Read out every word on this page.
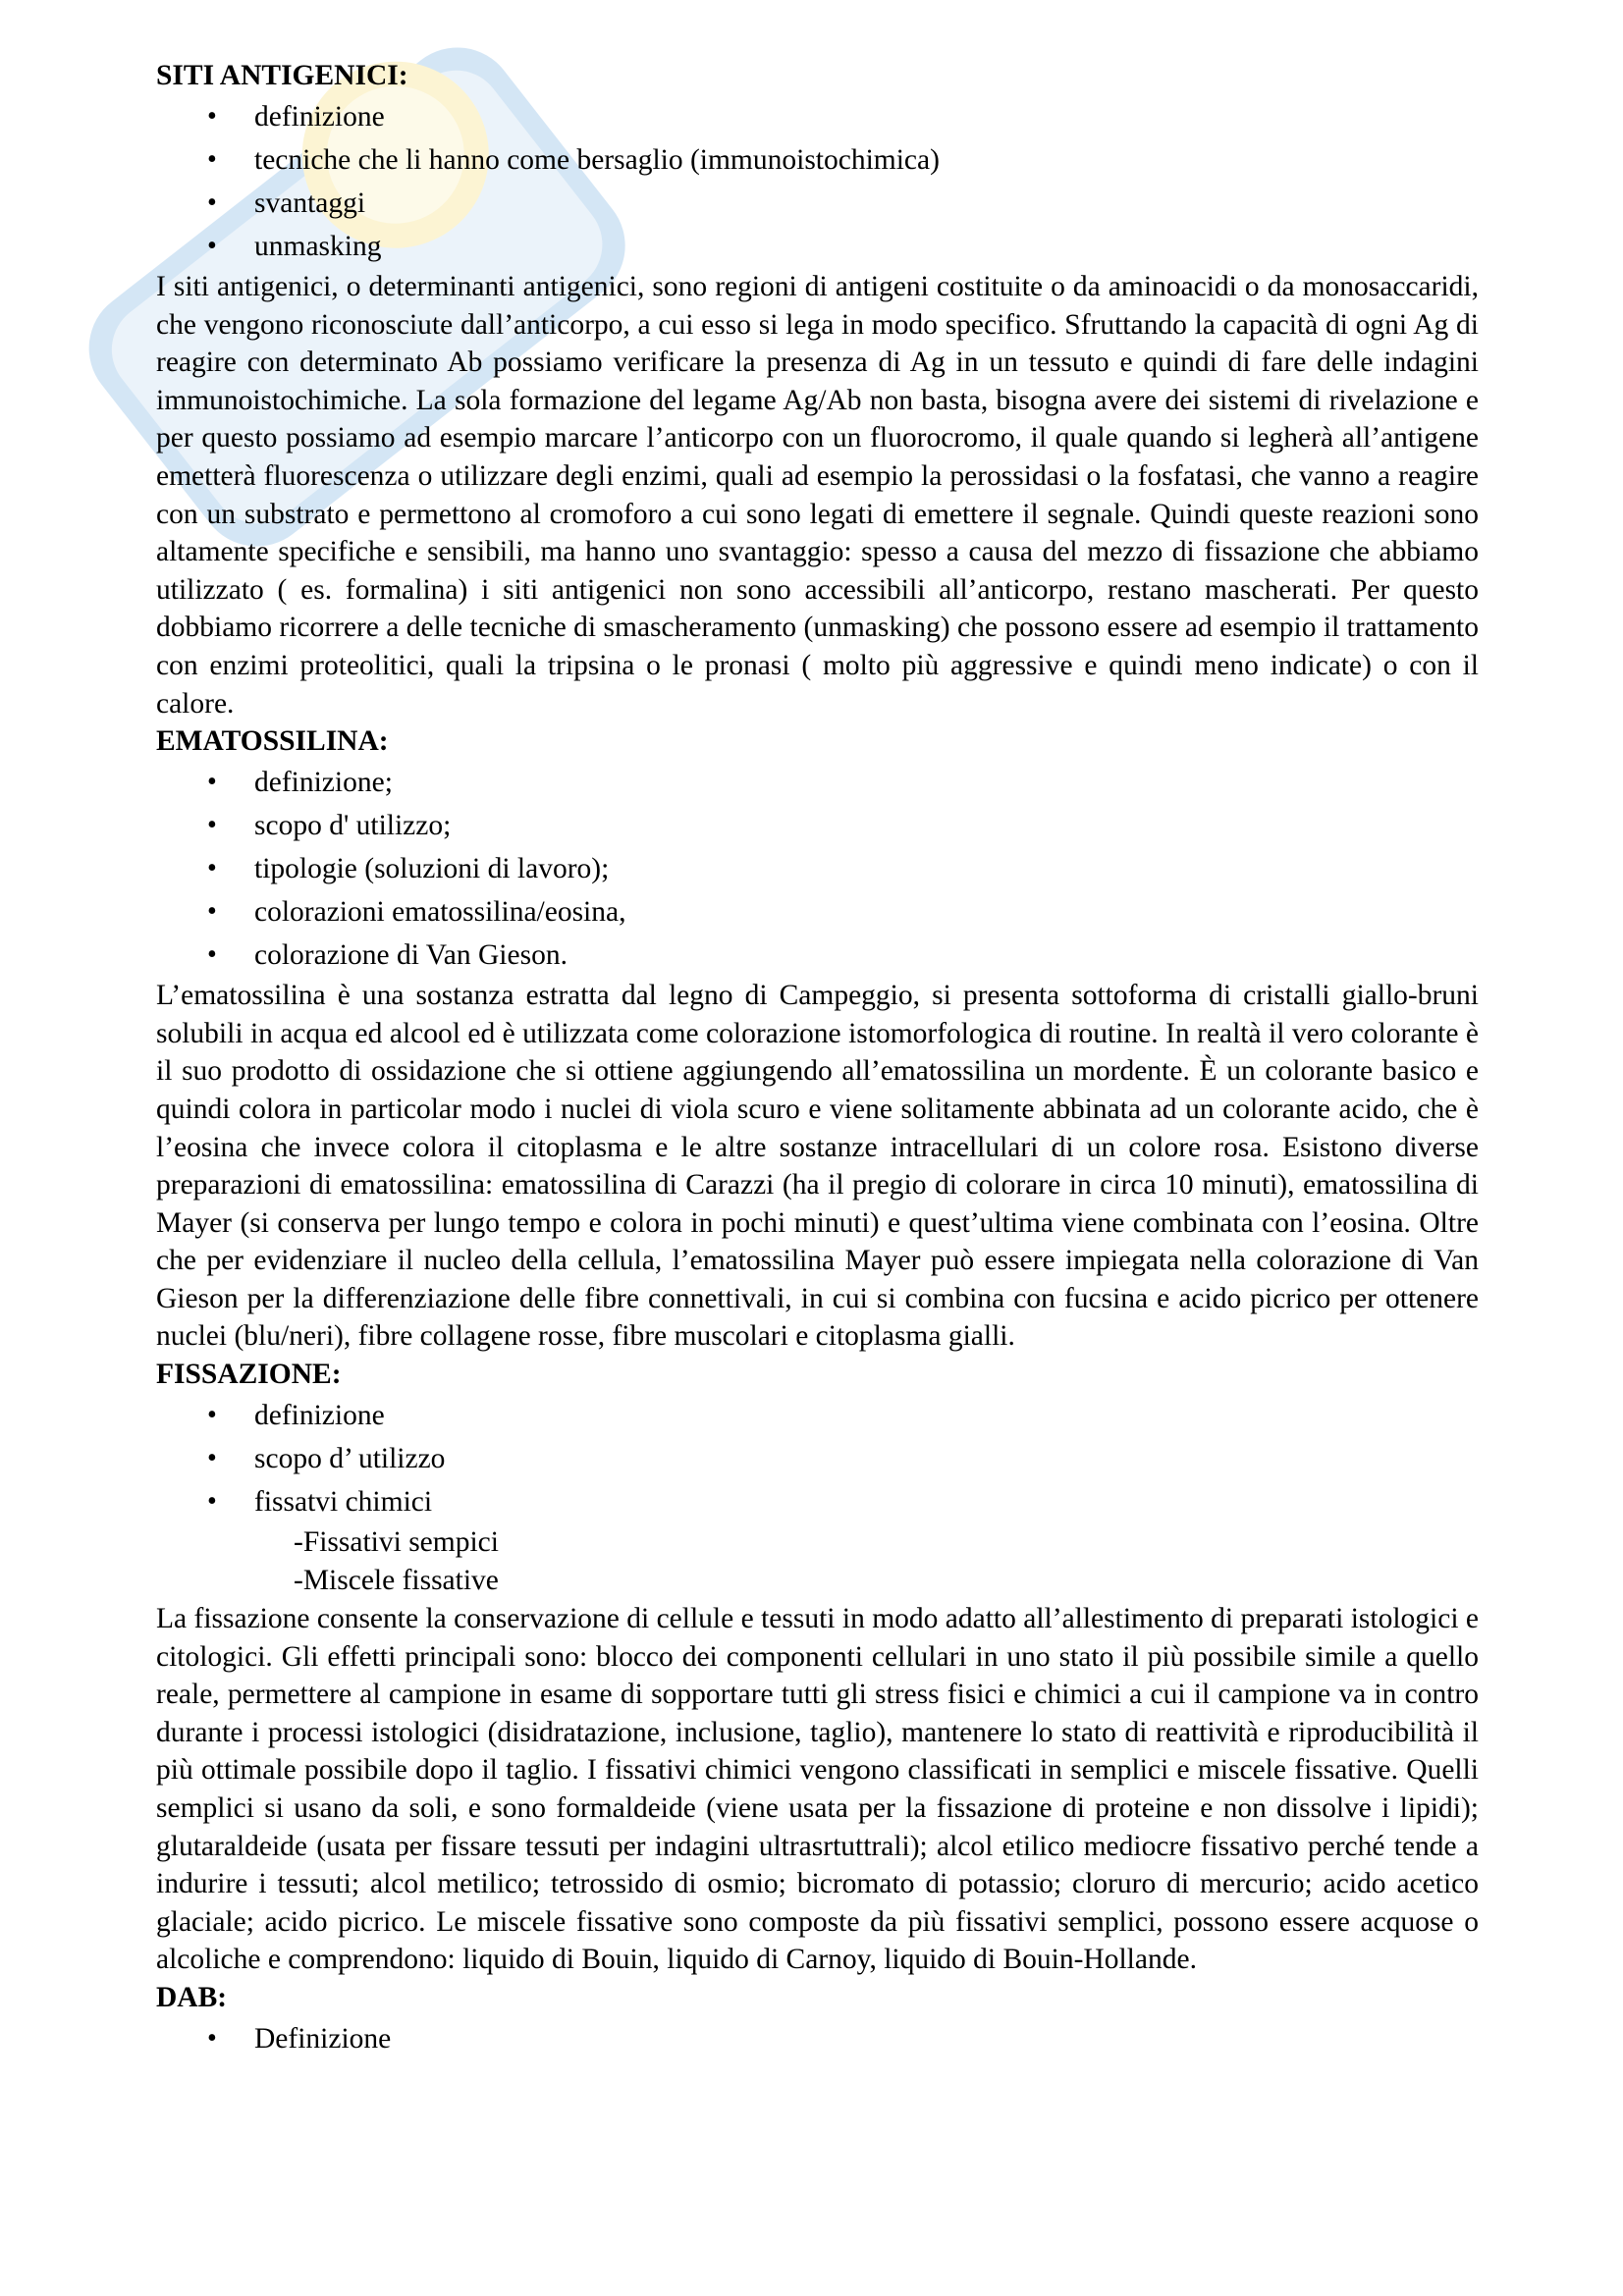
SITI ANTIGENICI:
• definizione
• tecniche che li hanno come bersaglio (immunoistochimica)
• svantaggi
• unmasking

I siti antigenici, o determinanti antigenici, sono regioni di antigeni costituite o da aminoacidi o da monosaccaridi, che vengono riconosciute dall’anticorpo, a cui esso si lega in modo specifico. Sfruttando la capacità di ogni Ag di reagire con determinato Ab possiamo verificare la presenza di Ag in un tessuto e quindi di fare delle indagini immunoistochimiche. La sola formazione del legame Ag/Ab non basta, bisogna avere dei sistemi di rivelazione e per questo possiamo ad esempio marcare l’anticorpo con un fluorocromo, il quale quando si legherà all’antigene emetterà fluorescenza o utilizzare degli enzimi, quali ad esempio la perossidasi o la fosfatasi, che vanno a reagire con un substrato e permettono al cromoforo a cui sono legati di emettere il segnale. Quindi queste reazioni sono altamente specifiche e sensibili, ma hanno uno svantaggio: spesso a causa del mezzo di fissazione che abbiamo utilizzato ( es. formalina) i siti antigenici non sono accessibili all’anticorpo, restano mascherati. Per questo dobbiamo ricorrere a delle tecniche di smascheramento (unmasking) che possono essere ad esempio il trattamento con enzimi proteolitici, quali la tripsina o le pronasi ( molto più aggressive e quindi meno indicate) o con il calore.

EMATOSSILINA:
• definizione;
• scopo d' utilizzo;
• tipologie (soluzioni di lavoro);
• colorazioni ematossilina/eosina,
• colorazione di Van Gieson.

L’ematossilina è una sostanza estratta dal legno di Campeggio, si presenta sottoforma di cristalli giallo-bruni solubili in acqua ed alcool ed è utilizzata come colorazione istomorfologica di routine. In realtà il vero colorante è il suo prodotto di ossidazione che si ottiene aggiungendo all’ematossilina un mordente. È un colorante basico e quindi colora in particolar modo i nuclei di viola scuro e viene solitamente abbinata ad un colorante acido, che è l’eosina che invece colora il citoplasma e le altre sostanze intracellulari di un colore rosa. Esistono diverse preparazioni di ematossilina: ematossilina di Carazzi (ha il pregio di colorare in circa 10 minuti), ematossilina di Mayer (si conserva per lungo tempo e colora in pochi minuti) e quest’ultima viene combinata con l’eosina. Oltre che per evidenziare il nucleo della cellula, l’ematossilina Mayer può essere impiegata nella colorazione di Van Gieson per la differenziazione delle fibre connettivali, in cui si combina con fucsina e acido picrico per ottenere nuclei (blu/neri), fibre collagene rosse, fibre muscolari e citoplasma gialli.

FISSAZIONE:
• definizione
• scopo d’ utilizzo
• fissatvi chimici
-Fissativi sempici
-Miscele fissative

La fissazione consente la conservazione di cellule e tessuti in modo adatto all’allestimento di preparati istologici e citologici. Gli effetti principali sono: blocco dei componenti cellulari in uno stato il più possibile simile a quello reale, permettere al campione in esame di sopportare tutti gli stress fisici e chimici a cui il campione va in contro durante i processi istologici (disidratazione, inclusione, taglio), mantenere lo stato di reattività e riproducibilità il più ottimale possibile dopo il taglio. I fissativi chimici vengono classificati in semplici e miscele fissative. Quelli semplici si usano da soli, e sono formaldeide (viene usata per la fissazione di proteine e non dissolve i lipidi); glutaraldeide (usata per fissare tessuti per indagini ultrasrtuttrali); alcol etilico mediocre fissativo perché tende a indurire i tessuti; alcol metilico; tetrossido di osmio; bicromato di potassio; cloruro di mercurio; acido acetico glaciale; acido picrico. Le miscele fissative sono composte da più fissativi semplici, possono essere acquose o alcoliche e comprendono: liquido di Bouin, liquido di Carnoy, liquido di Bouin-Hollande.

DAB:
• Definizione
